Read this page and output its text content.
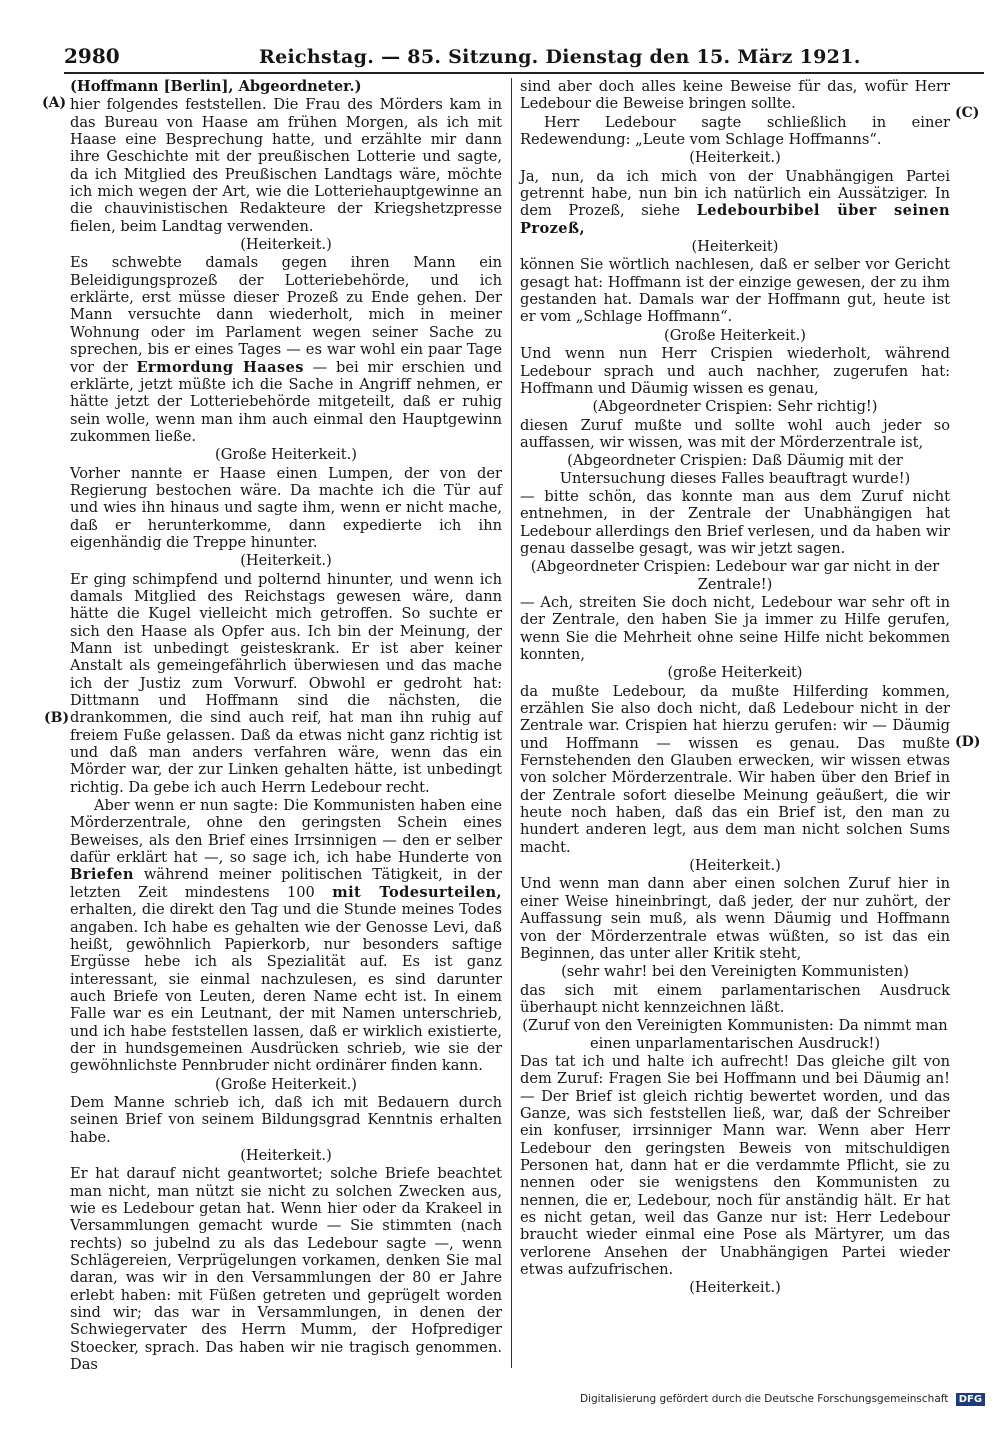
2980	Reichstag. — 85. Sitzung. Dienstag den 15. März 1921.
(A)
(B)
(C)
(D)

(Hoffmann [Berlin], Abgeordneter.)

hier folgendes feststellen. Die Frau des Mörders kam in das Bureau von Haase am frühen Morgen, als ich mit Haase eine Besprechung hatte, und erzählte mir dann ihre Geschichte mit der preußischen Lotterie und sagte, da ich Mitglied des Preußischen Landtags wäre, möchte ich mich wegen der Art, wie die Lotteriehauptgewinne an die chauvinistischen Redakteure der Kriegshetzpresse fielen, beim Landtag verwenden.

(Heiterkeit.)

Es schwebte damals gegen ihren Mann ein Beleidigungsprozeß der Lotteriebehörde, und ich erklärte, erst müsse dieser Prozeß zu Ende gehen. Der Mann versuchte dann wiederholt, mich in meiner Wohnung oder im Parlament wegen seiner Sache zu sprechen, bis er eines Tages — es war wohl ein paar Tage vor der Ermordung Haases — bei mir erschien und erklärte, jetzt müßte ich die Sache in Angriff nehmen, er hätte jetzt der Lotteriebehörde mitgeteilt, daß er ruhig sein wolle, wenn man ihm auch einmal den Hauptgewinn zukommen ließe.

(Große Heiterkeit.)

Vorher nannte er Haase einen Lumpen, der von der Regierung bestochen wäre. Da machte ich die Tür auf und wies ihn hinaus und sagte ihm, wenn er nicht mache, daß er herunterkomme, dann expedierte ich ihn eigenhändig die Treppe hinunter.

(Heiterkeit.)

Er ging schimpfend und polternd hinunter, und wenn ich damals Mitglied des Reichstags gewesen wäre, dann hätte die Kugel vielleicht mich getroffen. So suchte er sich den Haase als Opfer aus. Ich bin der Meinung, der Mann ist unbedingt geisteskrank. Er ist aber keiner Anstalt als gemeingefährlich überwiesen und das mache ich der Justiz zum Vorwurf. Obwohl er gedroht hat: Dittmann und Hoffmann sind die nächsten, die drankommen, die sind auch reif, hat man ihn ruhig auf freiem Fuße gelassen. Daß da etwas nicht ganz richtig ist und daß man anders verfahren wäre, wenn das ein Mörder war, der zur Linken gehalten hätte, ist unbedingt richtig. Da gebe ich auch Herrn Ledebour recht.

Aber wenn er nun sagte: Die Kommunisten haben eine Mörderzentrale, ohne den geringsten Schein eines Beweises, als den Brief eines Irrsinnigen — den er selber dafür erklärt hat —, so sage ich, ich habe Hunderte von Briefen während meiner politischen Tätigkeit, in der letzten Zeit mindestens 100 mit Todesurteilen, erhalten, die direkt den Tag und die Stunde meines Todes angaben. Ich habe es gehalten wie der Genosse Levi, daß heißt, gewöhnlich Papierkorb, nur besonders saftige Ergüsse hebe ich als Spezialität auf. Es ist ganz interessant, sie einmal nachzulesen, es sind darunter auch Briefe von Leuten, deren Name echt ist. In einem Falle war es ein Leutnant, der mit Namen unterschrieb, und ich habe feststellen lassen, daß er wirklich existierte, der in hundsgemeinen Ausdrücken schrieb, wie sie der gewöhnlichste Pennbruder nicht ordinärer finden kann.

(Große Heiterkeit.)

Dem Manne schrieb ich, daß ich mit Bedauern durch seinen Brief von seinem Bildungsgrad Kenntnis erhalten habe.

(Heiterkeit.)

Er hat darauf nicht geantwortet; solche Briefe beachtet man nicht, man nützt sie nicht zu solchen Zwecken aus, wie es Ledebour getan hat. Wenn hier oder da Krakeel in Versammlungen gemacht wurde — Sie stimmten (nach rechts) so jubelnd zu als das Ledebour sagte —, wenn Schlägereien, Verprügelungen vorkamen, denken Sie mal daran, was wir in den Versammlungen der 80 er Jahre erlebt haben: mit Füßen getreten und geprügelt worden sind wir; das war in Versammlungen, in denen der Schwiegervater des Herrn Mumm, der Hofprediger Stoecker, sprach. Das haben wir nie tragisch genommen. Das

sind aber doch alles keine Beweise für das, wofür Herr Ledebour die Beweise bringen sollte.

Herr Ledebour sagte schließlich in einer Redewendung: „Leute vom Schlage Hoffmanns“.

(Heiterkeit.)

Ja, nun, da ich mich von der Unabhängigen Partei getrennt habe, nun bin ich natürlich ein Aussätziger. In dem Prozeß, siehe Ledebourbibel über seinen Prozeß,

(Heiterkeit)

können Sie wörtlich nachlesen, daß er selber vor Gericht gesagt hat: Hoffmann ist der einzige gewesen, der zu ihm gestanden hat. Damals war der Hoffmann gut, heute ist er vom „Schlage Hoffmann“.

(Große Heiterkeit.)

Und wenn nun Herr Crispien wiederholt, während Ledebour sprach und auch nachher, zugerufen hat: Hoffmann und Däumig wissen es genau,

(Abgeordneter Crispien: Sehr richtig!)

diesen Zuruf mußte und sollte wohl auch jeder so auffassen, wir wissen, was mit der Mörderzentrale ist,

(Abgeordneter Crispien: Daß Däumig mit der Untersuchung dieses Falles beauftragt wurde!)

— bitte schön, das konnte man aus dem Zuruf nicht entnehmen, in der Zentrale der Unabhängigen hat Ledebour allerdings den Brief verlesen, und da haben wir genau dasselbe gesagt, was wir jetzt sagen.

(Abgeordneter Crispien: Ledebour war gar nicht in der Zentrale!)

— Ach, streiten Sie doch nicht, Ledebour war sehr oft in der Zentrale, den haben Sie ja immer zu Hilfe gerufen, wenn Sie die Mehrheit ohne seine Hilfe nicht bekommen konnten,

(große Heiterkeit)

da mußte Ledebour, da mußte Hilferding kommen, erzählen Sie also doch nicht, daß Ledebour nicht in der Zentrale war. Crispien hat hierzu gerufen: wir — Däumig und Hoffmann — wissen es genau. Das mußte Fernstehenden den Glauben erwecken, wir wissen etwas von solcher Mörderzentrale. Wir haben über den Brief in der Zentrale sofort dieselbe Meinung geäußert, die wir heute noch haben, daß das ein Brief ist, den man zu hundert anderen legt, aus dem man nicht solchen Sums macht.

(Heiterkeit.)

Und wenn man dann aber einen solchen Zuruf hier in einer Weise hineinbringt, daß jeder, der nur zuhört, der Auffassung sein muß, als wenn Däumig und Hoffmann von der Mörderzentrale etwas wüßten, so ist das ein Beginnen, das unter aller Kritik steht,

(sehr wahr! bei den Vereinigten Kommunisten)

das sich mit einem parlamentarischen Ausdruck überhaupt nicht kennzeichnen läßt.

(Zuruf von den Vereinigten Kommunisten: Da nimmt man einen unparlamentarischen Ausdruck!)

Das tat ich und halte ich aufrecht! Das gleiche gilt von dem Zuruf: Fragen Sie bei Hoffmann und bei Däumig an! — Der Brief ist gleich richtig bewertet worden, und das Ganze, was sich feststellen ließ, war, daß der Schreiber ein konfuser, irrsinniger Mann war. Wenn aber Herr Ledebour den geringsten Beweis von mitschuldigen Personen hat, dann hat er die verdammte Pflicht, sie zu nennen oder sie wenigstens den Kommunisten zu nennen, die er, Ledebour, noch für anständig hält. Er hat es nicht getan, weil das Ganze nur ist: Herr Ledebour braucht wieder einmal eine Pose als Märtyrer, um das verlorene Ansehen der Unabhängigen Partei wieder etwas aufzufrischen.

(Heiterkeit.)

Digitalisierung gefördert durch die Deutsche Forschungsgemeinschaft DFG
